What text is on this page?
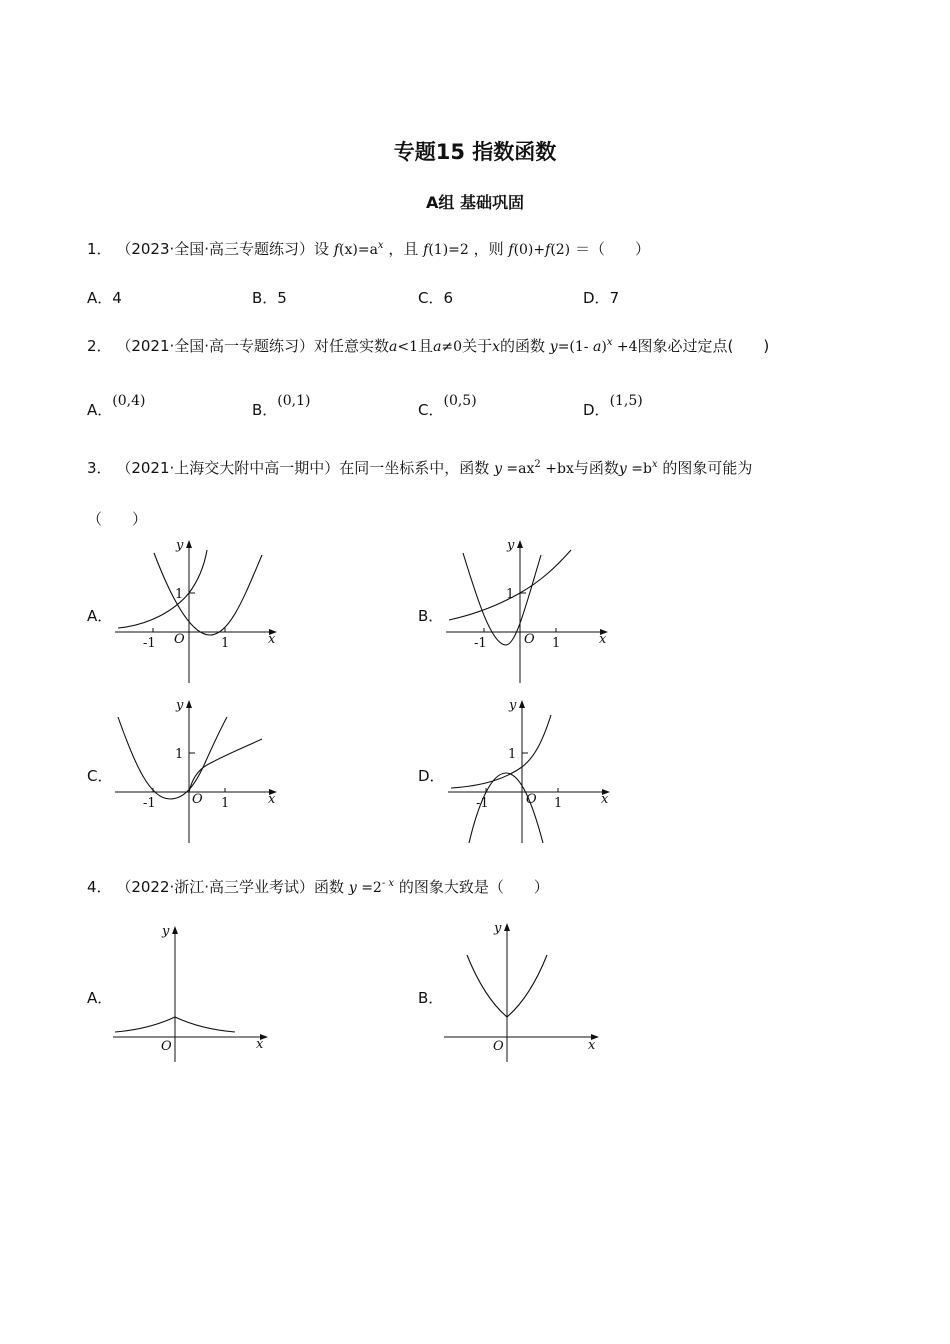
专题15 指数函数
A组 基础巩固
1． （2023·全国·高三专题练习）设 $f(x)=a^x$ ，且 f(1)=2 ，则 f(0)+f(2) ＝（　　）
A．4	B．5	C．6	D．7
2． （2021·全国·高一专题练习）对任意实数a<1且a≠0关于x的函数 y=(1- a)$^x$ +4图象必过定点(　　)
A．(0,4)	B．(0,1)	C．(0,5)	D．(1,5)
3． （2021·上海交大附中高一期中）在同一坐标系中，函数 $y =ax^2 +bx$与函数$y =b^x$ 的图象可能为
（　　）
A．	B．
C．	D．
y
x
O
1
1
-1
y
x
O
1
1
-1
y
x
O
1
1
-1
y
x
O
1
1
-1
4． （2022·浙江·高三学业考试）函数 $y =2^{- x}$ 的图象大致是（　　）
A．	B．
y
x
O
y
x
O
